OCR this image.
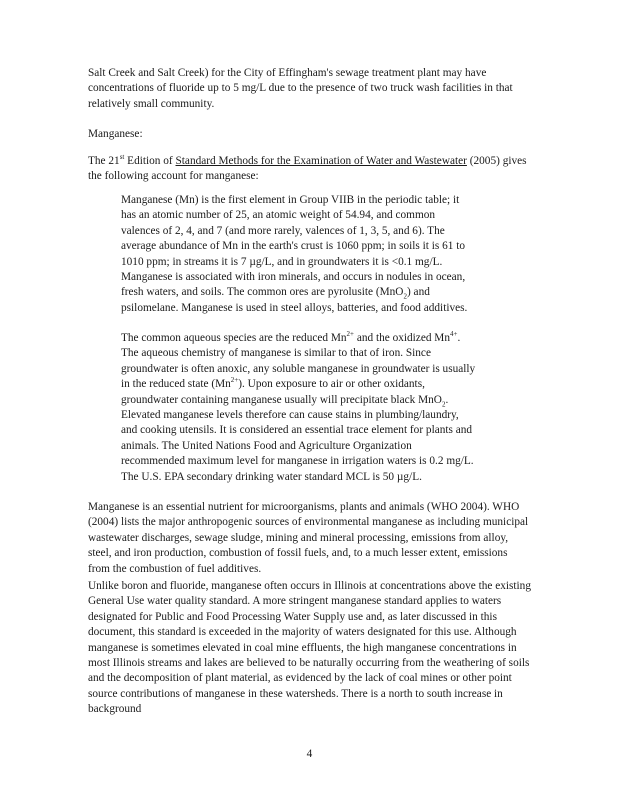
Salt Creek and Salt Creek) for the City of Effingham's sewage treatment plant may have concentrations of fluoride up to 5 mg/L due to the presence of two truck wash facilities in that relatively small community.

Manganese:

The 21st Edition of Standard Methods for the Examination of Water and Wastewater (2005) gives the following account for manganese:

Manganese (Mn) is the first element in Group VIIB in the periodic table; it has an atomic number of 25, an atomic weight of 54.94, and common valences of 2, 4, and 7 (and more rarely, valences of 1, 3, 5, and 6). The average abundance of Mn in the earth's crust is 1060 ppm; in soils it is 61 to 1010 ppm; in streams it is 7 µg/L, and in groundwaters it is <0.1 mg/L. Manganese is associated with iron minerals, and occurs in nodules in ocean, fresh waters, and soils. The common ores are pyrolusite (MnO$_2$) and psilomelane. Manganese is used in steel alloys, batteries, and food additives.

The common aqueous species are the reduced $Mn^{2+}$ and the oxidized $Mn^{4+}$. The aqueous chemistry of manganese is similar to that of iron. Since groundwater is often anoxic, any soluble manganese in groundwater is usually in the reduced state $(Mn^{2+})$. Upon exposure to air or other oxidants, groundwater containing manganese usually will precipitate black MnO$_2$. Elevated manganese levels therefore can cause stains in plumbing/laundry, and cooking utensils. It is considered an essential trace element for plants and animals. The United Nations Food and Agriculture Organization recommended maximum level for manganese in irrigation waters is 0.2 mg/L. The U.S. EPA secondary drinking water standard MCL is 50 µg/L.

Manganese is an essential nutrient for microorganisms, plants and animals (WHO 2004). WHO (2004) lists the major anthropogenic sources of environmental manganese as including municipal wastewater discharges, sewage sludge, mining and mineral processing, emissions from alloy, steel, and iron production, combustion of fossil fuels, and, to a much lesser extent, emissions from the combustion of fuel additives.

Unlike boron and fluoride, manganese often occurs in Illinois at concentrations above the existing General Use water quality standard. A more stringent manganese standard applies to waters designated for Public and Food Processing Water Supply use and, as later discussed in this document, this standard is exceeded in the majority of waters designated for this use. Although manganese is sometimes elevated in coal mine effluents, the high manganese concentrations in most Illinois streams and lakes are believed to be naturally occurring from the weathering of soils and the decomposition of plant material, as evidenced by the lack of coal mines or other point source contributions of manganese in these watersheds. There is a north to south increase in background

4
